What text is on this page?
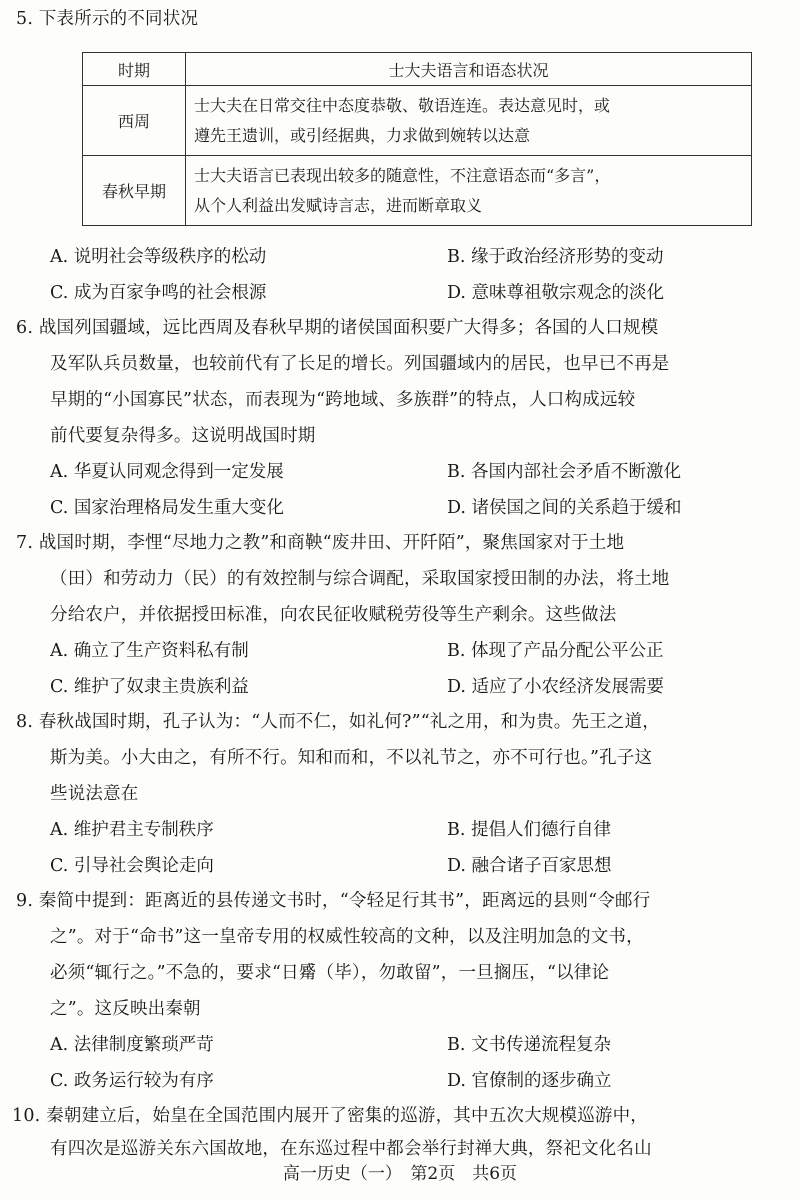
5. 下表所示的不同状况
时期	士大夫语言和语态状况
西周	士大夫在日常交往中态度恭敬、敬语连连。表达意见时，或
遵先王遗训，或引经据典，力求做到婉转以达意

春秋早期	士大夫语言已表现出较多的随意性，不注意语态而“多言”，
从个人利益出发赋诗言志，进而断章取义
A. 说明社会等级秩序的松动	B. 缘于政治经济形势的变动
C. 成为百家争鸣的社会根源	D. 意味尊祖敬宗观念的淡化
6. 战国列国疆域，远比西周及春秋早期的诸侯国面积要广大得多；各国的人口规模
及军队兵员数量，也较前代有了长足的增长。列国疆域内的居民，也早已不再是
早期的“小国寡民”状态，而表现为“跨地域、多族群”的特点，人口构成远较
前代要复杂得多。这说明战国时期
A. 华夏认同观念得到一定发展	B. 各国内部社会矛盾不断激化
C. 国家治理格局发生重大变化	D. 诸侯国之间的关系趋于缓和
7. 战国时期，李悝“尽地力之教”和商鞅“废井田、开阡陌”，聚焦国家对于土地
（田）和劳动力（民）的有效控制与综合调配，采取国家授田制的办法，将土地
分给农户，并依据授田标准，向农民征收赋税劳役等生产剩余。这些做法
A. 确立了生产资料私有制	B. 体现了产品分配公平公正
C. 维护了奴隶主贵族利益	D. 适应了小农经济发展需要
8. 春秋战国时期，孔子认为：“人而不仁，如礼何?”“礼之用，和为贵。先王之道，
斯为美。小大由之，有所不行。知和而和，不以礼节之，亦不可行也。”孔子这
些说法意在
A. 维护君主专制秩序	B. 提倡人们德行自律
C. 引导社会舆论走向	D. 融合诸子百家思想
9. 秦简中提到：距离近的县传递文书时，“令轻足行其书”，距离远的县则“令邮行
之”。对于“命书”这一皇帝专用的权威性较高的文种，以及注明加急的文书，
必须“辄行之。”不急的，要求“日觱（毕），勿敢留”，一旦搁压，“以律论
之”。这反映出秦朝
A. 法律制度繁琐严苛	B. 文书传递流程复杂
C. 政务运行较为有序	D. 官僚制的逐步确立
10. 秦朝建立后，始皇在全国范围内展开了密集的巡游，其中五次大规模巡游中，
有四次是巡游关东六国故地，在东巡过程中都会举行封禅大典，祭祀文化名山
高一历史（一）　第2页　共6页
